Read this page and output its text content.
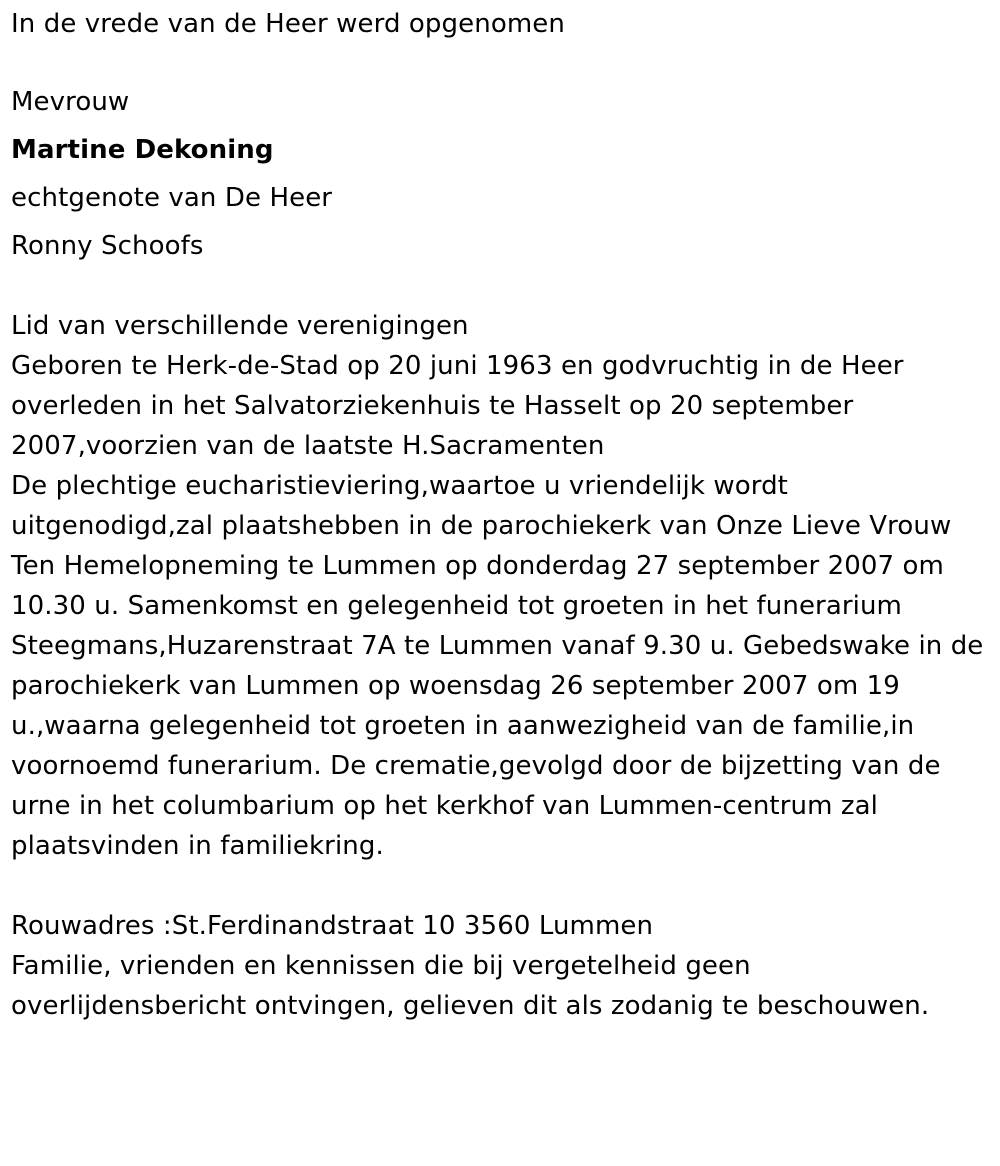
In de vrede van de Heer werd opgenomen

Mevrouw

Martine Dekoning

echtgenote van De Heer

Ronny Schoofs

Lid van verschillende verenigingen

Geboren te Herk-de-Stad op 20 juni 1963 en godvruchtig in de Heer

overleden in het Salvatorziekenhuis te Hasselt op 20 september

2007,voorzien van de laatste H.Sacramenten

De plechtige eucharistieviering,waartoe u vriendelijk wordt

uitgenodigd,zal plaatshebben in de parochiekerk van Onze Lieve Vrouw

Ten Hemelopneming te Lummen op donderdag 27 september 2007 om

10.30 u. Samenkomst en gelegenheid tot groeten in het funerarium

Steegmans,Huzarenstraat 7A te Lummen vanaf 9.30 u. Gebedswake in de

parochiekerk van Lummen op woensdag 26 september 2007 om 19

u.,waarna gelegenheid tot groeten in aanwezigheid van de familie,in

voornoemd funerarium. De crematie,gevolgd door de bijzetting van de

urne in het columbarium op het kerkhof van Lummen-centrum zal

plaatsvinden in familiekring.

Rouwadres :St.Ferdinandstraat 10 3560 Lummen

Familie, vrienden en kennissen die bij vergetelheid geen

overlijdensbericht ontvingen, gelieven dit als zodanig te beschouwen.
